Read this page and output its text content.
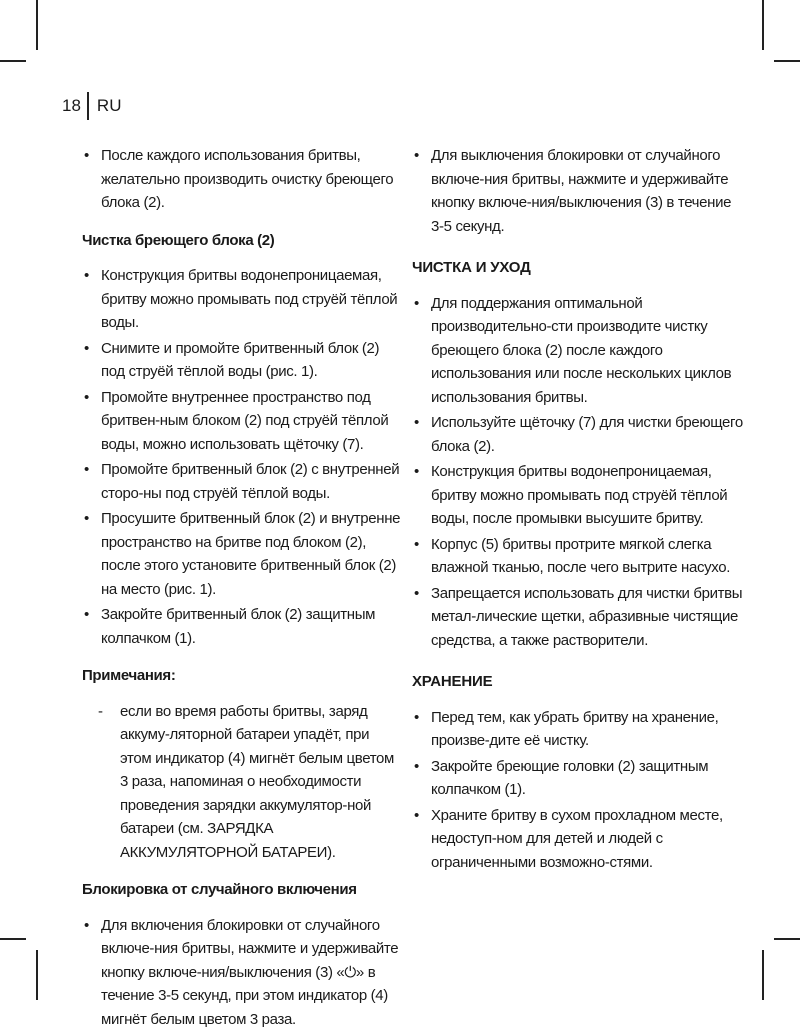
18 RU
• После каждого использования бритвы, желательно производить очистку бреющего блока (2).
Чистка бреющего блока (2)
• Конструкция бритвы водонепроницаемая, бритву можно промывать под струёй тёплой воды.
• Снимите и промойте бритвенный блок (2) под струёй тёплой воды (рис. 1).
• Промойте внутреннее пространство под бритвен-ным блоком (2) под струёй тёплой воды, можно использовать щёточку (7).
• Промойте бритвенный блок (2) с внутренней сторо-ны под струёй тёплой воды.
• Просушите бритвенный блок (2) и внутренне пространство на бритве под блоком (2), после этого установите бритвенный блок (2) на место (рис. 1).
• Закройте бритвенный блок (2) защитным колпачком (1).
Примечания:
- если во время работы бритвы, заряд аккуму-ляторной батареи упадёт, при этом индикатор (4) мигнёт белым цветом 3 раза, напоминая о необходимости проведения зарядки аккумулятор-ной батареи (см. ЗАРЯДКА АККУМУЛЯТОРНОЙ БАТАРЕИ).
Блокировка от случайного включения
• Для включения блокировки от случайного включе-ния бритвы, нажмите и удерживайте кнопку включе-ния/выключения (3) «⏻» в течение 3-5 секунд, при этом индикатор (4) мигнёт белым цветом 3 раза.
• Для выключения блокировки от случайного включе-ния бритвы, нажмите и удерживайте кнопку включе-ния/выключения (3) в течение 3-5 секунд.
ЧИСТКА И УХОД
• Для поддержания оптимальной производительно-сти производите чистку бреющего блока (2) после каждого использования или после нескольких циклов использования бритвы.
• Используйте щёточку (7) для чистки бреющего блока (2).
• Конструкция бритвы водонепроницаемая, бритву можно промывать под струёй тёплой воды, после промывки высушите бритву.
• Корпус (5) бритвы протрите мягкой слегка влажной тканью, после чего вытрите насухо.
• Запрещается использовать для чистки бритвы метал-лические щетки, абразивные чистящие средства, а также растворители.
ХРАНЕНИЕ
• Перед тем, как убрать бритву на хранение, произве-дите её чистку.
• Закройте бреющие головки (2) защитным колпачком (1).
• Храните бритву в сухом прохладном месте, недоступ-ном для детей и людей с ограниченными возможно-стями.
